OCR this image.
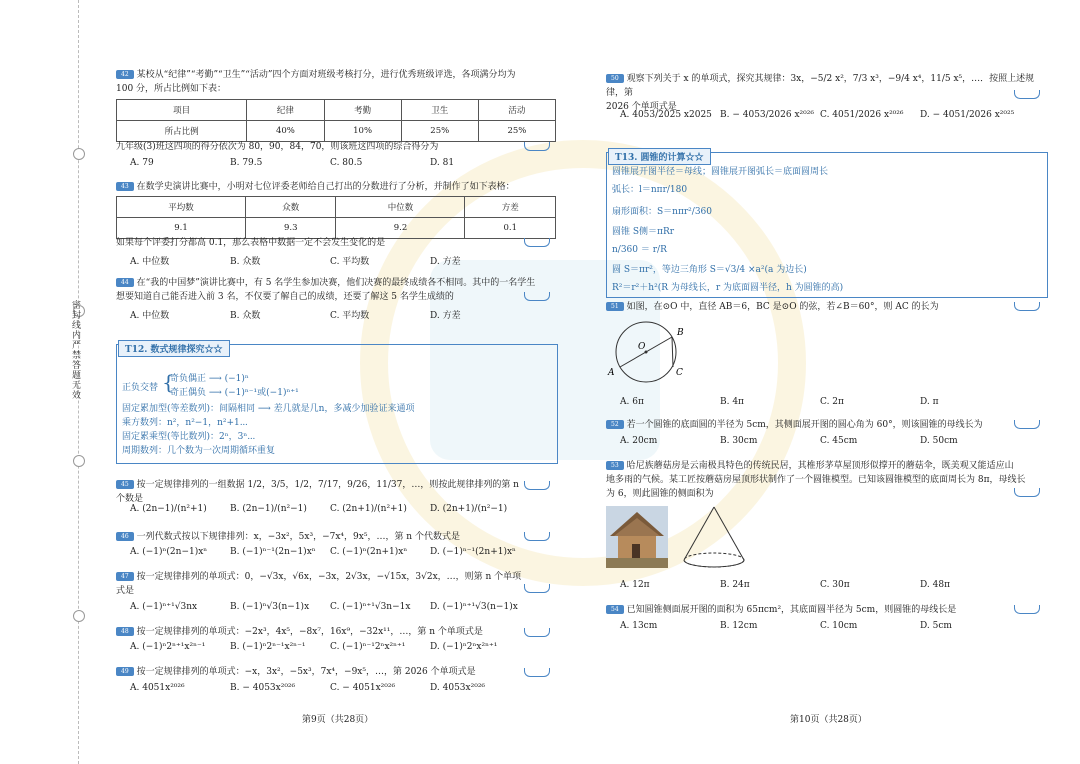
密封线内严禁答题无效
42 某校从“纪律”“考勤”“卫生”“活动”四个方面对班级考核打分，进行优秀班级评选，各项满分均为
100 分，所占比例如下表：
项目	纪律	考勤	卫生	活动
所占比例	40%	10%	25%	25%
九年级(3)班这四项的得分依次为 80，90，84，70，则该班这四项的综合得分为
A. 79	B. 79.5	C. 80.5	D. 81
43 在数学史演讲比赛中，小明对七位评委老师给自己打出的分数进行了分析，并制作了如下表格：
平均数	众数	中位数	方差
9.1	9.3	9.2	0.1
如果每个评委打分都高 0.1，那么表格中数据一定不会发生变化的是
A. 中位数	B. 众数	C. 平均数	D. 方差
44 在“我的中国梦”演讲比赛中，有 5 名学生参加决赛，他们决赛的最终成绩各不相同。其中的一名学生
想要知道自己能否进入前 3 名，不仅要了解自己的成绩，还要了解这 5 名学生成绩的
A. 中位数	B. 众数	C. 平均数	D. 方差
T12. 数式规律探究☆☆
正负交替 {
奇负偶正 ⟶ (−1)ⁿ
奇正偶负 ⟶ (−1)ⁿ⁻¹或(−1)ⁿ⁺¹
固定累加型(等差数列)：间隔相同 ⟶ 差几就是几n，多减少加验证来通项
乘方数列：n²，n²−1，n²+1⋯
固定累乘型(等比数列)：2ⁿ，3ⁿ⋯
周期数列：几个数为一次周期循环重复
45 按一定规律排列的一组数据 1/2，3/5，1/2，7/17，9/26，11/37，…，则按此规律排列的第 n 个数是
A. (2n−1)/(n²+1)	B. (2n−1)/(n²−1)	C. (2n+1)/(n²+1)	D. (2n+1)/(n²−1)
46 一列代数式按以下规律排列：x，−3x²，5x³，−7x⁴，9x⁵，…，第 n 个代数式是
A. (−1)ⁿ(2n−1)xⁿ	B. (−1)ⁿ⁻¹(2n−1)xⁿ	C. (−1)ⁿ(2n+1)xⁿ	D. (−1)ⁿ⁻¹(2n+1)xⁿ
47 按一定规律排列的单项式：0，−√3x，√6x，−3x，2√3x，−√15x，3√2x，…，则第 n 个单项式是
A. (−1)ⁿ⁺¹√3nx	B. (−1)ⁿ√3(n−1)x	C. (−1)ⁿ⁺¹√3n−1x	D. (−1)ⁿ⁺¹√3(n−1)x
48 按一定规律排列的单项式：−2x³，4x⁵，−8x⁷，16x⁹，−32x¹¹，…，第 n 个单项式是
A. (−1)ⁿ2ⁿ⁺¹x²ⁿ⁻¹	B. (−1)ⁿ2ⁿ⁻¹x²ⁿ⁻¹	C. (−1)ⁿ⁻¹2ⁿx²ⁿ⁺¹	D. (−1)ⁿ2ⁿx²ⁿ⁺¹
49 按一定规律排列的单项式：−x，3x²，−5x³，7x⁴，−9x⁵，…，第 2026 个单项式是
A. 4051x²⁰²⁶	B. − 4053x²⁰²⁶	C. − 4051x²⁰²⁶	D. 4053x²⁰²⁶
第9页（共28页）
50 观察下列关于 x 的单项式，探究其规律：3x，−5/2 x²，7/3 x³，−9/4 x⁴，11/5 x⁵，…．按照上述规律，第
2026 个单项式是
A. 4053/2025 x2025 B. − 4053/2026 x²⁰²⁶ C. 4051/2026 x²⁰²⁶	D. − 4051/2026 x²⁰²⁵
T13. 圆锥的计算☆☆
圆锥展开图半径＝母线；圆锥展开图弧长＝底面圆周长
弧长：l＝nπr/180
扇形面积：S＝nπr²/360
圆锥 S侧＝πRr
n/360 ＝ r/R
圆 S＝πr²，等边三角形 S＝√3/4 ×a²(a 为边长)
R²＝r²＋h²(R 为母线长，r 为底面圆半径，h 为圆锥的高)
51 如图，在⊙O 中，直径 AB＝6，BC 是⊙O 的弦，若∠B＝60°，则 AC 的长为
O
B
A	C
A. 6π	B. 4π	C. 2π	D. π
52 若一个圆锥的底面圆的半径为 5cm，其侧面展开图的圆心角为 60°，则该圆锥的母线长为
A. 20cm	B. 30cm	C. 45cm	D. 50cm
53 哈尼族蘑菇房是云南极具特色的传统民居，其椎形茅草屋顶形似撑开的蘑菇伞，既美观又能适应山
地多雨的气候。某工匠按蘑菇房屋顶形状制作了一个圆锥模型。已知该圆锥模型的底面周长为 8π，母线长
为 6，则此圆锥的侧面积为
A. 12π	B. 24π	C. 30π	D. 48π
54 已知圆锥侧面展开图的面积为 65πcm²，其底面圆半径为 5cm，则圆锥的母线长是
A. 13cm	B. 12cm	C. 10cm	D. 5cm
第10页（共28页）
